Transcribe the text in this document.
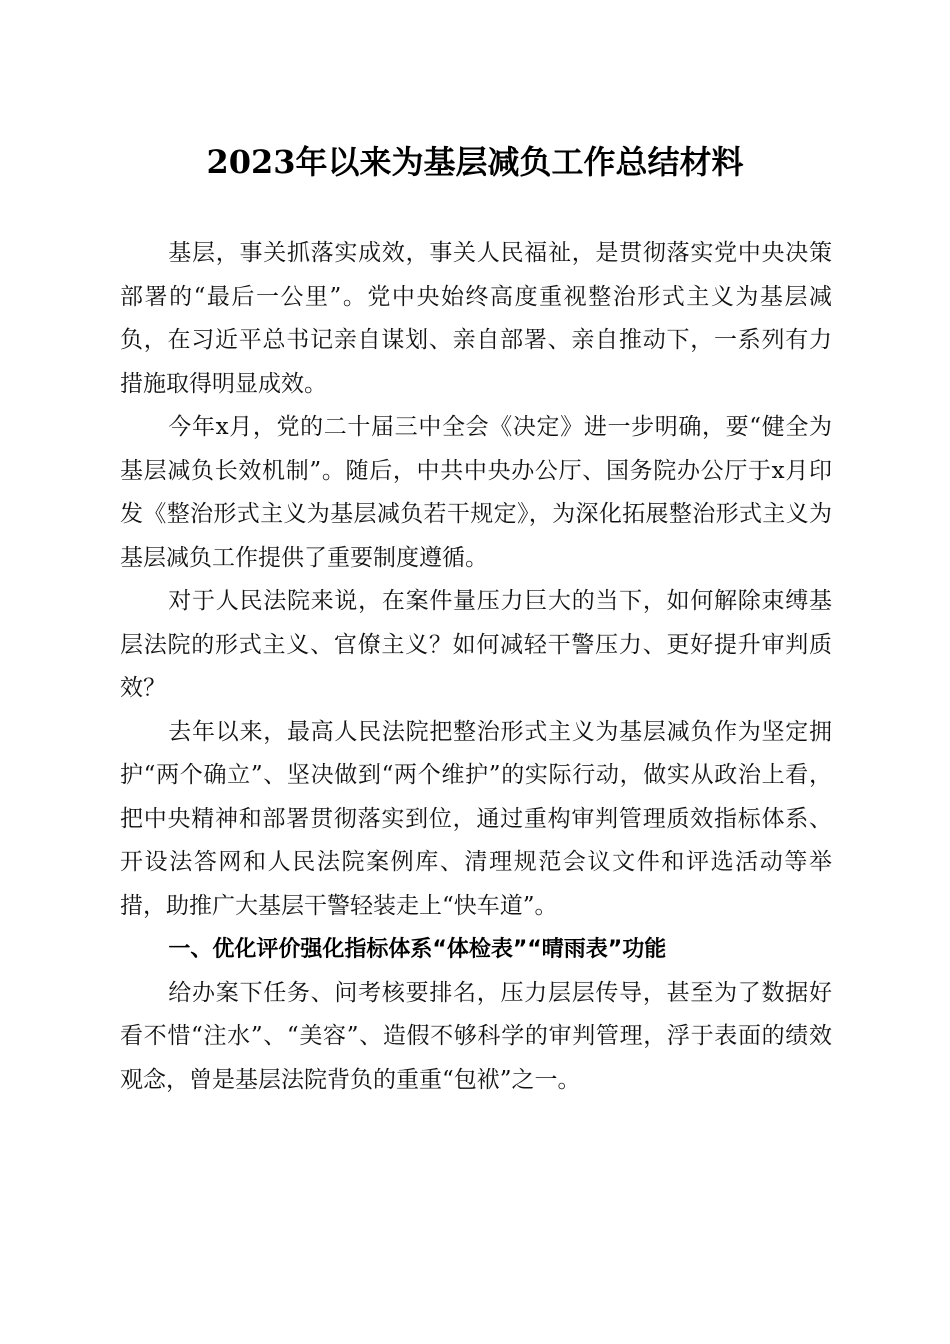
2023年以来为基层减负工作总结材料

基层，事关抓落实成效，事关人民福祉，是贯彻落实党中央决策部署的“最后一公里”。党中央始终高度重视整治形式主义为基层减负，在习近平总书记亲自谋划、亲自部署、亲自推动下，一系列有力措施取得明显成效。

今年x月，党的二十届三中全会《决定》进一步明确，要“健全为基层减负长效机制”。随后，中共中央办公厅、国务院办公厅于x月印发《整治形式主义为基层减负若干规定》，为深化拓展整治形式主义为基层减负工作提供了重要制度遵循。

对于人民法院来说，在案件量压力巨大的当下，如何解除束缚基层法院的形式主义、官僚主义？如何减轻干警压力、更好提升审判质效？

去年以来，最高人民法院把整治形式主义为基层减负作为坚定拥护“两个确立”、坚决做到“两个维护”的实际行动，做实从政治上看，把中央精神和部署贯彻落实到位，通过重构审判管理质效指标体系、开设法答网和人民法院案例库、清理规范会议文件和评选活动等举措，助推广大基层干警轻装走上“快车道”。

一、优化评价强化指标体系“体检表”“晴雨表”功能

给办案下任务、问考核要排名，压力层层传导，甚至为了数据好看不惜“注水”、“美容”、造假不够科学的审判管理，浮于表面的绩效观念，曾是基层法院背负的重重“包袱”之一。
